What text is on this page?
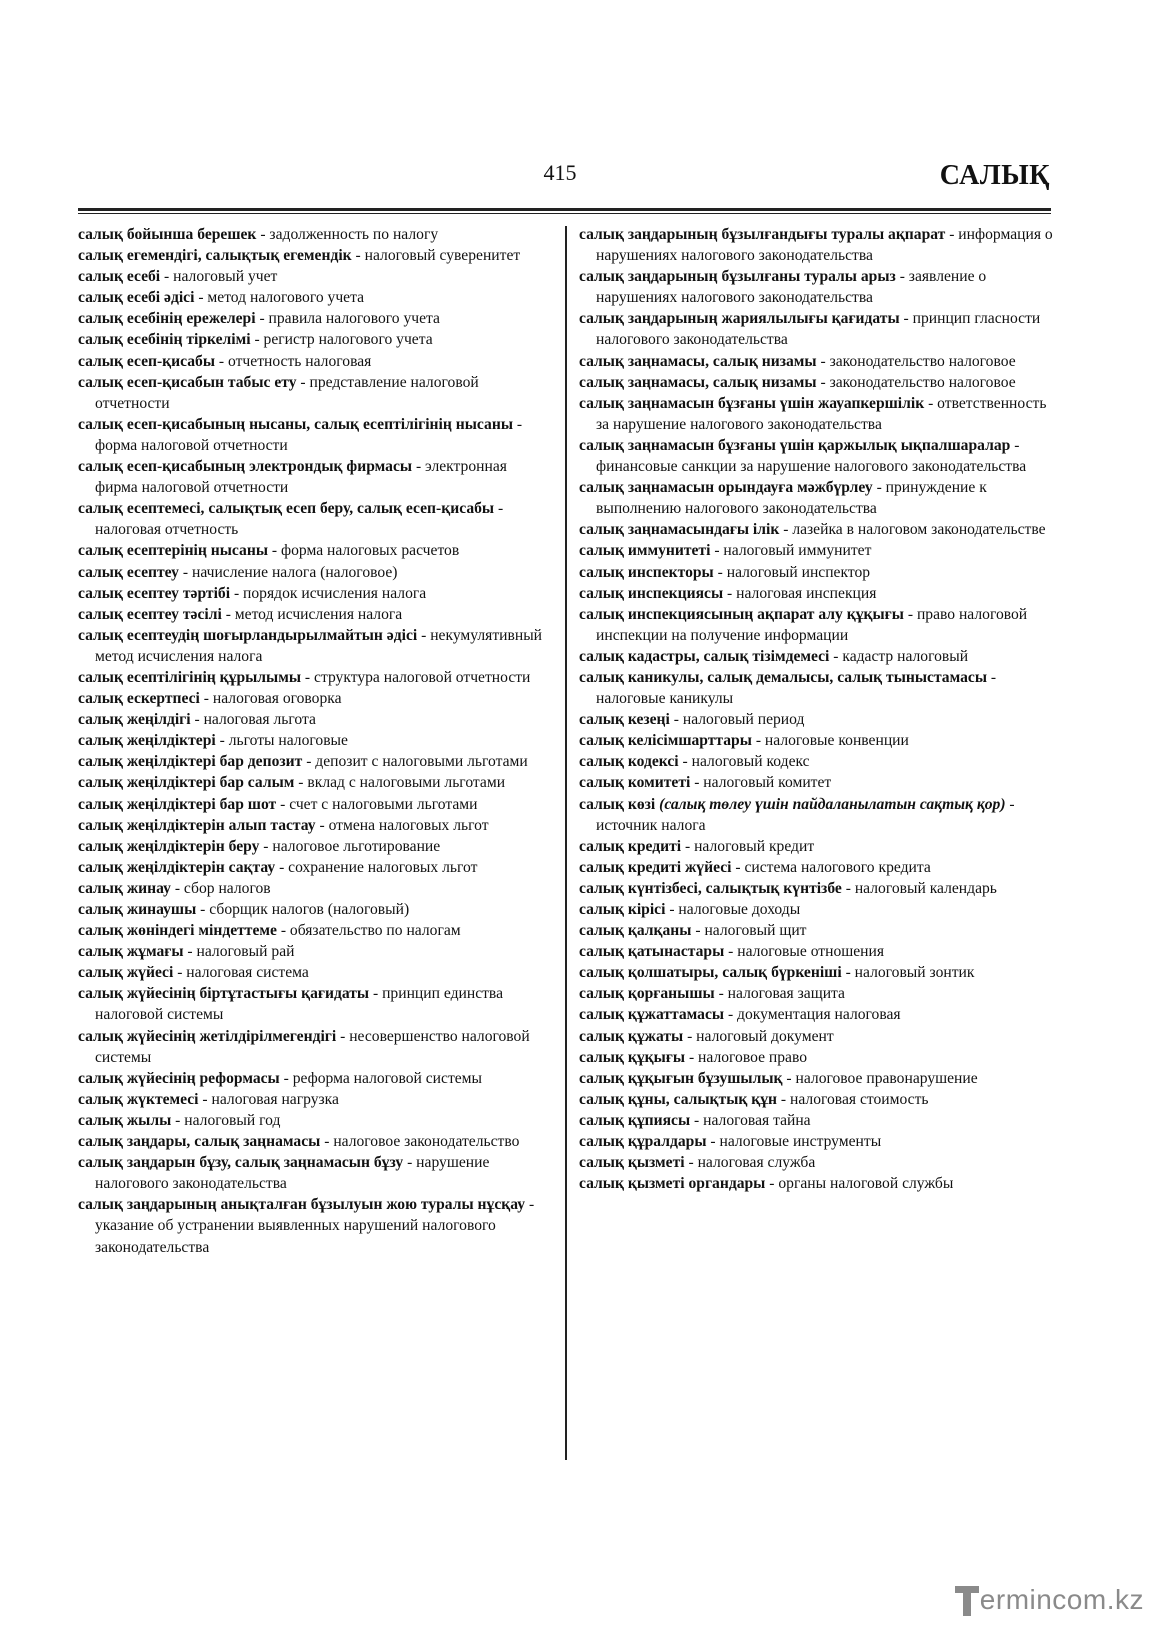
415	САЛЫҚ

салық бойынша берешек - задолженность по налогу

салық егемендігі, салықтық егемендік - налоговый суверенитет

салық есебі - налоговый учет

салық есебі әдісі - метод налогового учета

салық есебінің ережелері - правила налогового учета

салық есебінің тіркелімі - регистр налогового учета

салық есеп-қисабы - отчетность налоговая

салық есеп-қисабын табыс ету - представление налоговой отчетности

салық есеп-қисабының нысаны, салық есептілігінің нысаны - форма налоговой отчетности

салық есеп-қисабының электрондық фирмасы - электронная фирма налоговой отчетности

салық есептемесі, салықтық есеп беру, салық есеп-қисабы - налоговая отчетность

салық есептерінің нысаны - форма налоговых расчетов

салық есептеу - начисление налога (налоговое)

салық есептеу тәртібі - порядок исчисления налога

салық есептеу тәсілі - метод исчисления налога

салық есептеудің шоғырландырылмайтын әдісі - некумулятивный метод исчисления налога

салық есептілігінің құрылымы - структура налоговой отчетности

салық ескертпесі - налоговая оговорка

салық жеңілдігі - налоговая льгота

салық жеңілдіктері - льготы налоговые

салық жеңілдіктері бар депозит - депозит с налоговыми льготами

салық жеңілдіктері бар салым - вклад с налоговыми льготами

салық жеңілдіктері бар шот - счет с налоговыми льготами

салық жеңілдіктерін алып тастау - отмена налоговых льгот

салық жеңілдіктерін беру - налоговое льготирование

салық жеңілдіктерін сақтау - сохранение налоговых льгот

салық жинау - сбор налогов

салық жинаушы - сборщик налогов (налоговый)

салық жөніндегі міндеттеме - обязательство по налогам

салық жұмағы - налоговый рай

салық жүйесі - налоговая система

салық жүйесінің біртұтастығы қағидаты - принцип единства налоговой системы

салық жүйесінің жетілдірілмегендігі - несовершенство налоговой системы

салық жүйесінің реформасы - реформа налоговой системы

салық жүктемесі - налоговая нагрузка

салық жылы - налоговый год

салық заңдары, салық заңнамасы - налоговое законодательство

салық заңдарын бұзу, салық заңнамасын бұзу - нарушение налогового законодательства

салық заңдарының анықталған бұзылуын жою туралы нұсқау - указание об устранении выявленных нарушений налогового законодательства

салық заңдарының бұзылғандығы туралы ақпарат - информация о нарушениях налогового законодательства

салық заңдарының бұзылғаны туралы арыз - заявление о нарушениях налогового законодательства

салық заңдарының жариялылығы қағидаты - принцип гласности налогового законодательства

салық заңнамасы, салық низамы - законодательство налоговое

салық заңнамасы, салық низамы - законодательство налоговое

салық заңнамасын бұзғаны үшін жауапкершілік - ответственность за нарушение налогового законодательства

салық заңнамасын бұзғаны үшін қаржылық ықпалшаралар - финансовые санкции за нарушение налогового законодательства

салық заңнамасын орындауға мәжбүрлеу - принуждение к выполнению налогового законодательства

салық заңнамасындағы ілік - лазейка в налоговом законодательстве

салық иммунитеті - налоговый иммунитет

салық инспекторы - налоговый инспектор

салық инспекциясы - налоговая инспекция

салық инспекциясының ақпарат алу құқығы - право налоговой инспекции на получение информации

салық кадастры, салық тізімдемесі - кадастр налоговый

салық каникулы, салық демалысы, салық тыныстамасы - налоговые каникулы

салық кезеңі - налоговый период

салық келісімшарттары - налоговые конвенции

салық кодексі - налоговый кодекс

салық комитеті - налоговый комитет

салық көзі (салық төлеу үшін пайдаланылатын сақтық қор) - источник налога

салық кредиті - налоговый кредит

салық кредиті жүйесі - система налогового кредита

салық күнтізбесі, салықтық күнтізбе - налоговый календарь

салық кірісі - налоговые доходы

салық қалқаны - налоговый щит

салық қатынастары - налоговые отношения

салық қолшатыры, салық бүркеніші - налоговый зонтик

салық қорғанышы - налоговая защита

салық құжаттамасы - документация налоговая

салық құжаты - налоговый документ

салық құқығы - налоговое право

салық құқығын бұзушылық - налоговое правонарушение

салық құны, салықтық құн - налоговая стоимость

салық құпиясы - налоговая тайна

салық құралдары - налоговые инструменты

салық қызметі - налоговая служба

салық қызметі органдары - органы налоговой службы

ermincom.kz
